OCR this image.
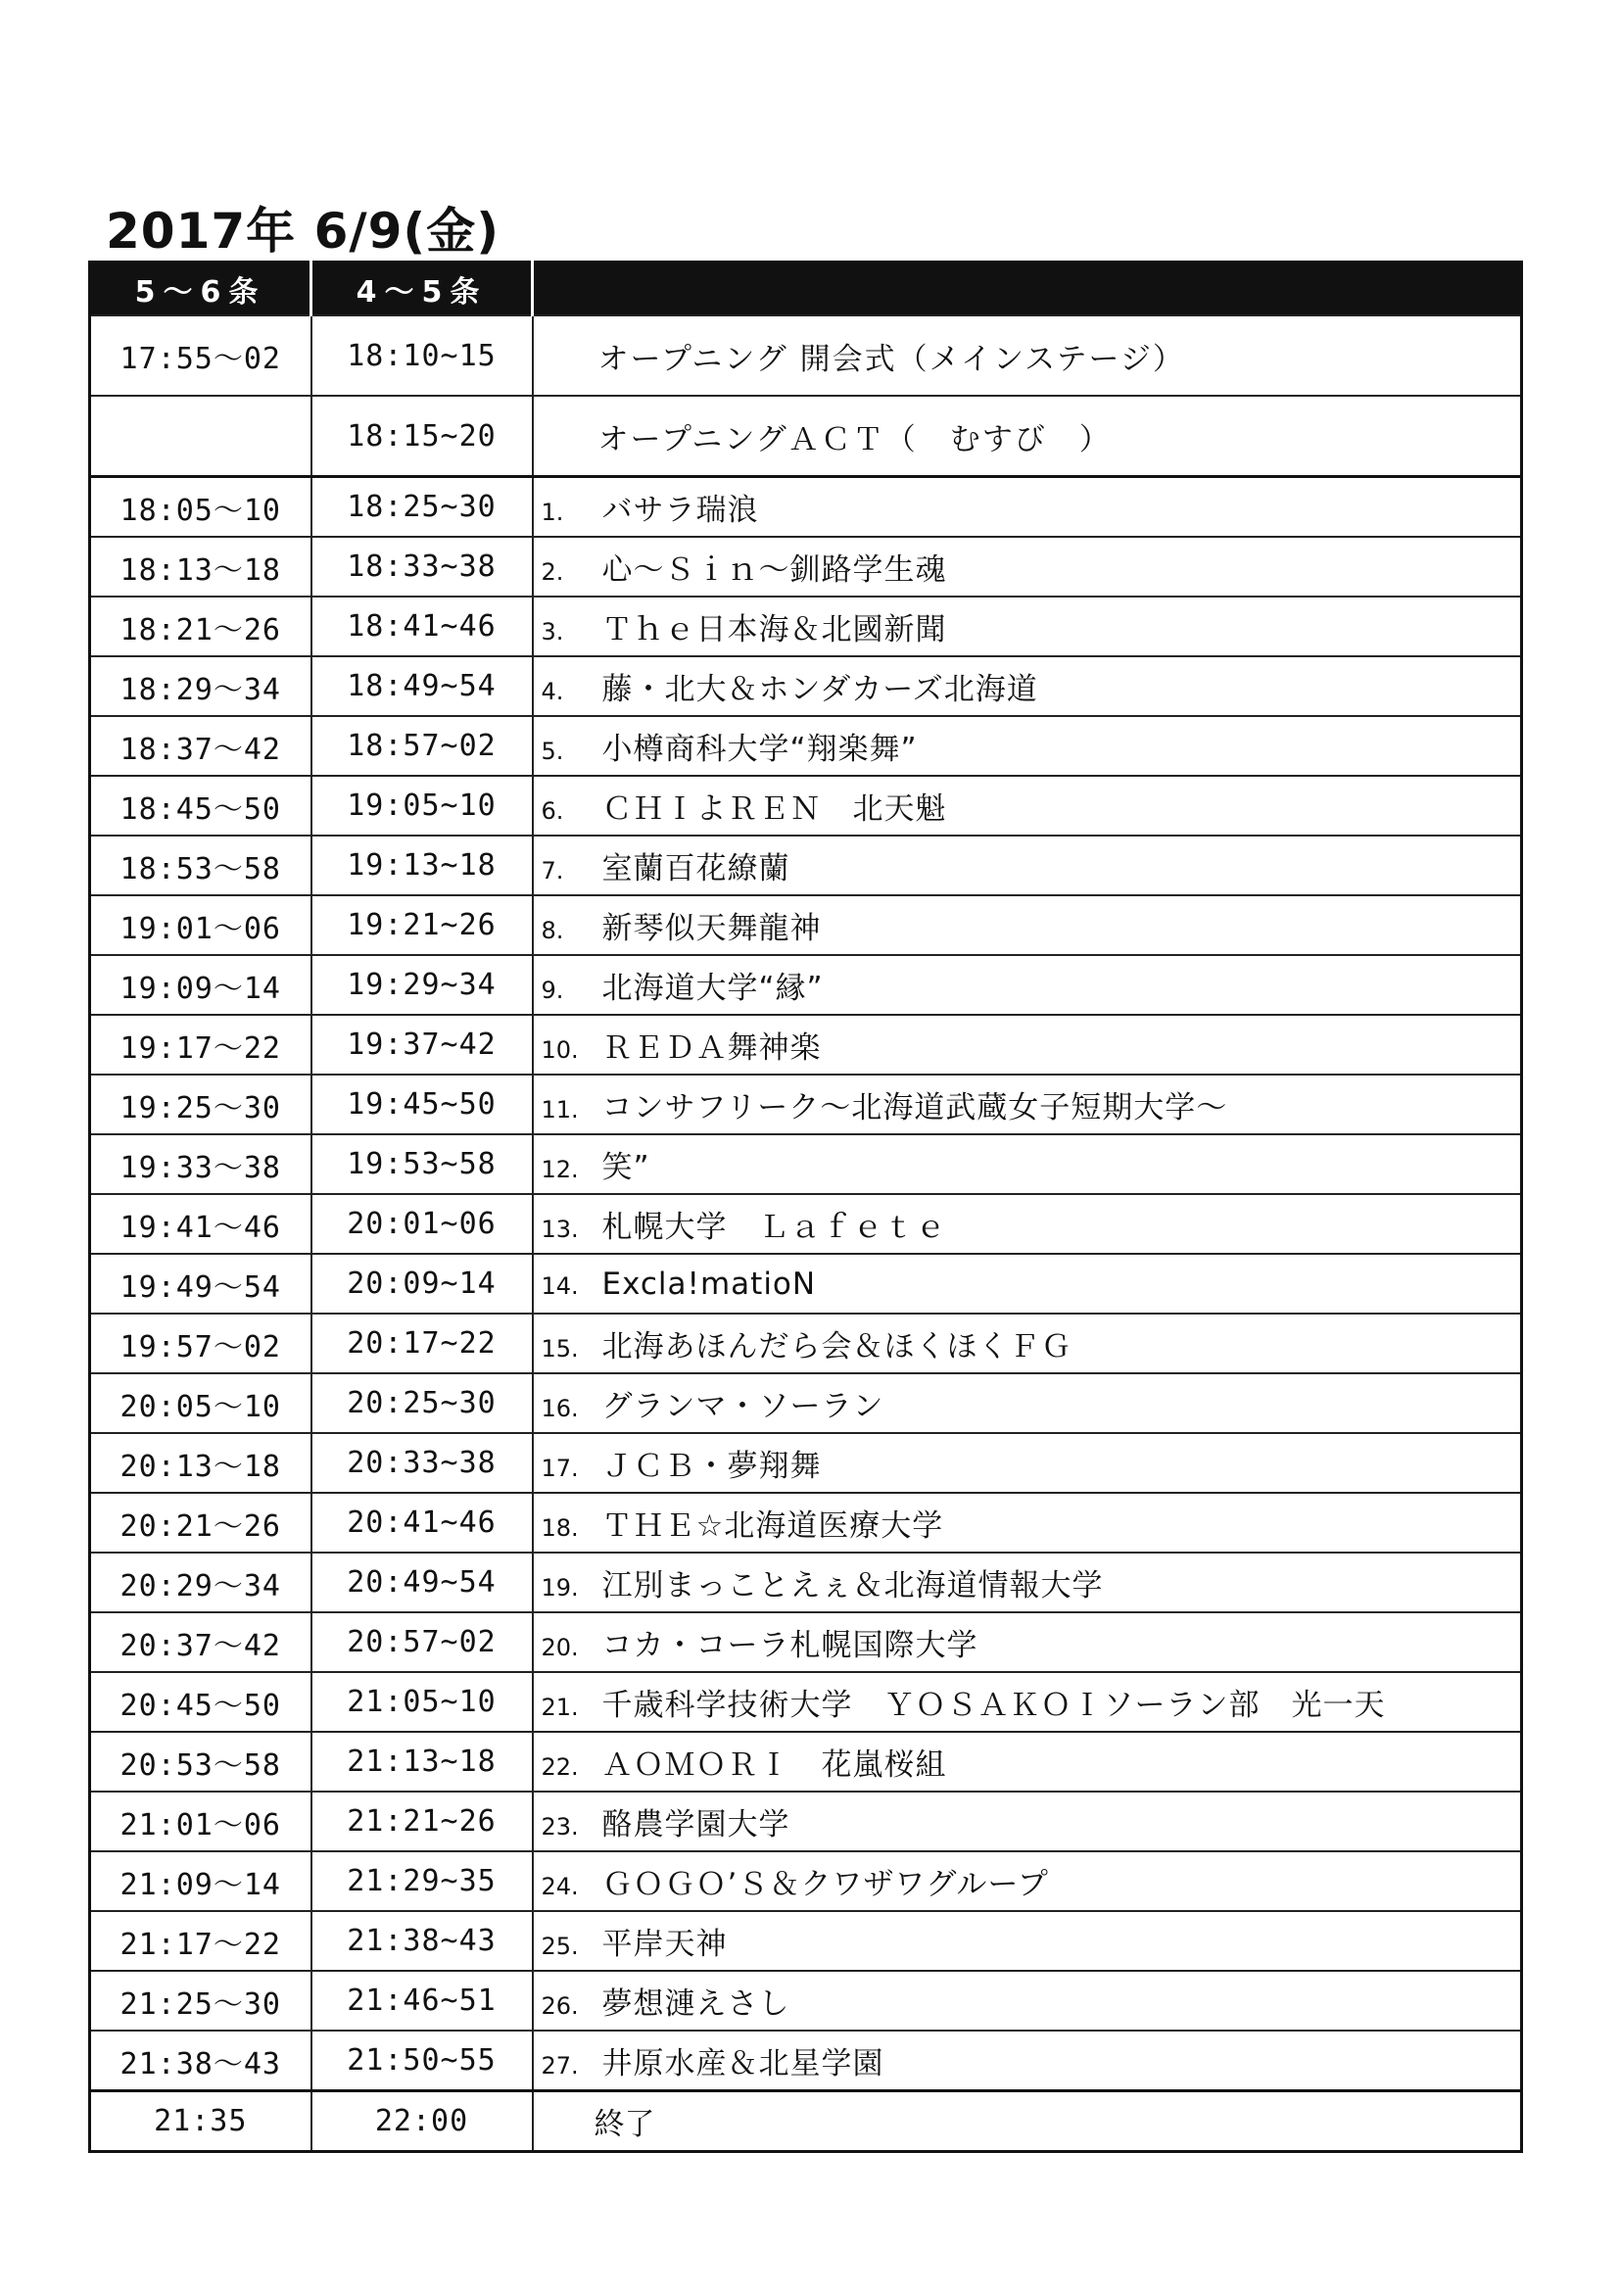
2017年 6/9(金)
5～6条	4～5条	
17:55～02	18:10~15	オープニング 開会式（メインステージ）
	18:15~20	オープニングＡＣＴ（　むすび　）
18:05～10	18:25~30	1. バサラ瑞浪
18:13～18	18:33~38	2. 心～Ｓｉｎ～釧路学生魂
18:21～26	18:41~46	3. Ｔｈｅ日本海＆北國新聞
18:29～34	18:49~54	4. 藤・北大＆ホンダカーズ北海道
18:37～42	18:57~02	5. 小樽商科大学“翔楽舞”
18:45～50	19:05~10	6. ＣＨＩよＲＥＮ　北天魁
18:53～58	19:13~18	7. 室蘭百花繚蘭
19:01～06	19:21~26	8. 新琴似天舞龍神
19:09～14	19:29~34	9. 北海道大学“縁”
19:17～22	19:37~42	10. ＲＥＤＡ舞神楽
19:25～30	19:45~50	11. コンサフリーク～北海道武蔵女子短期大学～
19:33～38	19:53~58	12. 笑”
19:41～46	20:01~06	13. 札幌大学　Ｌａｆｅｔｅ
19:49～54	20:09~14	14. Excla!matioN
19:57～02	20:17~22	15. 北海あほんだら会＆ほくほくＦＧ
20:05～10	20:25~30	16. グランマ・ソーラン
20:13～18	20:33~38	17. ＪＣＢ・夢翔舞
20:21～26	20:41~46	18. ＴＨＥ☆北海道医療大学
20:29～34	20:49~54	19. 江別まっことえぇ＆北海道情報大学
20:37～42	20:57~02	20. コカ・コーラ札幌国際大学
20:45～50	21:05~10	21. 千歳科学技術大学　ＹＯＳＡＫＯＩソーラン部　光一天
20:53～58	21:13~18	22. ＡＯＭＯＲＩ　花嵐桜組
21:01～06	21:21~26	23. 酪農学園大学
21:09～14	21:29~35	24. ＧＯＧＯ’Ｓ＆クワザワグループ
21:17～22	21:38~43	25. 平岸天神
21:25～30	21:46~51	26. 夢想漣えさし
21:38～43	21:50~55	27. 井原水産＆北星学園
21:35	22:00	終了
